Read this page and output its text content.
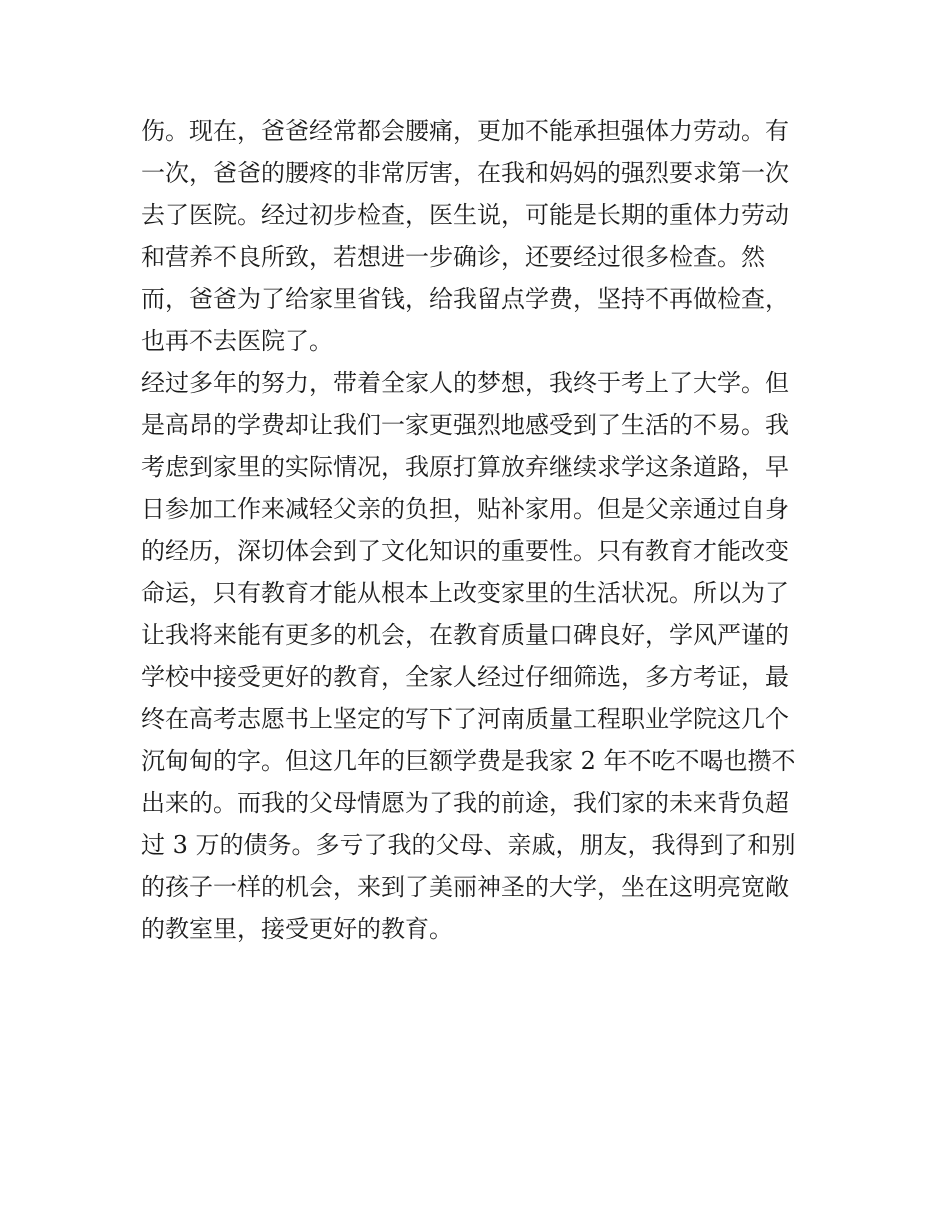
伤。现在，爸爸经常都会腰痛，更加不能承担强体力劳动。有
一次，爸爸的腰疼的非常厉害，在我和妈妈的强烈要求第一次
去了医院。经过初步检查，医生说，可能是长期的重体力劳动
和营养不良所致，若想进一步确诊，还要经过很多检查。然
而，爸爸为了给家里省钱，给我留点学费，坚持不再做检查，
也再不去医院了。
经过多年的努力，带着全家人的梦想，我终于考上了大学。但
是高昂的学费却让我们一家更强烈地感受到了生活的不易。我
考虑到家里的实际情况，我原打算放弃继续求学这条道路，早
日参加工作来减轻父亲的负担，贴补家用。但是父亲通过自身
的经历，深切体会到了文化知识的重要性。只有教育才能改变
命运，只有教育才能从根本上改变家里的生活状况。所以为了
让我将来能有更多的机会，在教育质量口碑良好，学风严谨的
学校中接受更好的教育，全家人经过仔细筛选，多方考证，最
终在高考志愿书上坚定的写下了河南质量工程职业学院这几个
沉甸甸的字。但这几年的巨额学费是我家 2 年不吃不喝也攒不
出来的。而我的父母情愿为了我的前途，我们家的未来背负超
过 3 万的债务。多亏了我的父母、亲戚，朋友，我得到了和别
的孩子一样的机会，来到了美丽神圣的大学，坐在这明亮宽敞
的教室里，接受更好的教育。
